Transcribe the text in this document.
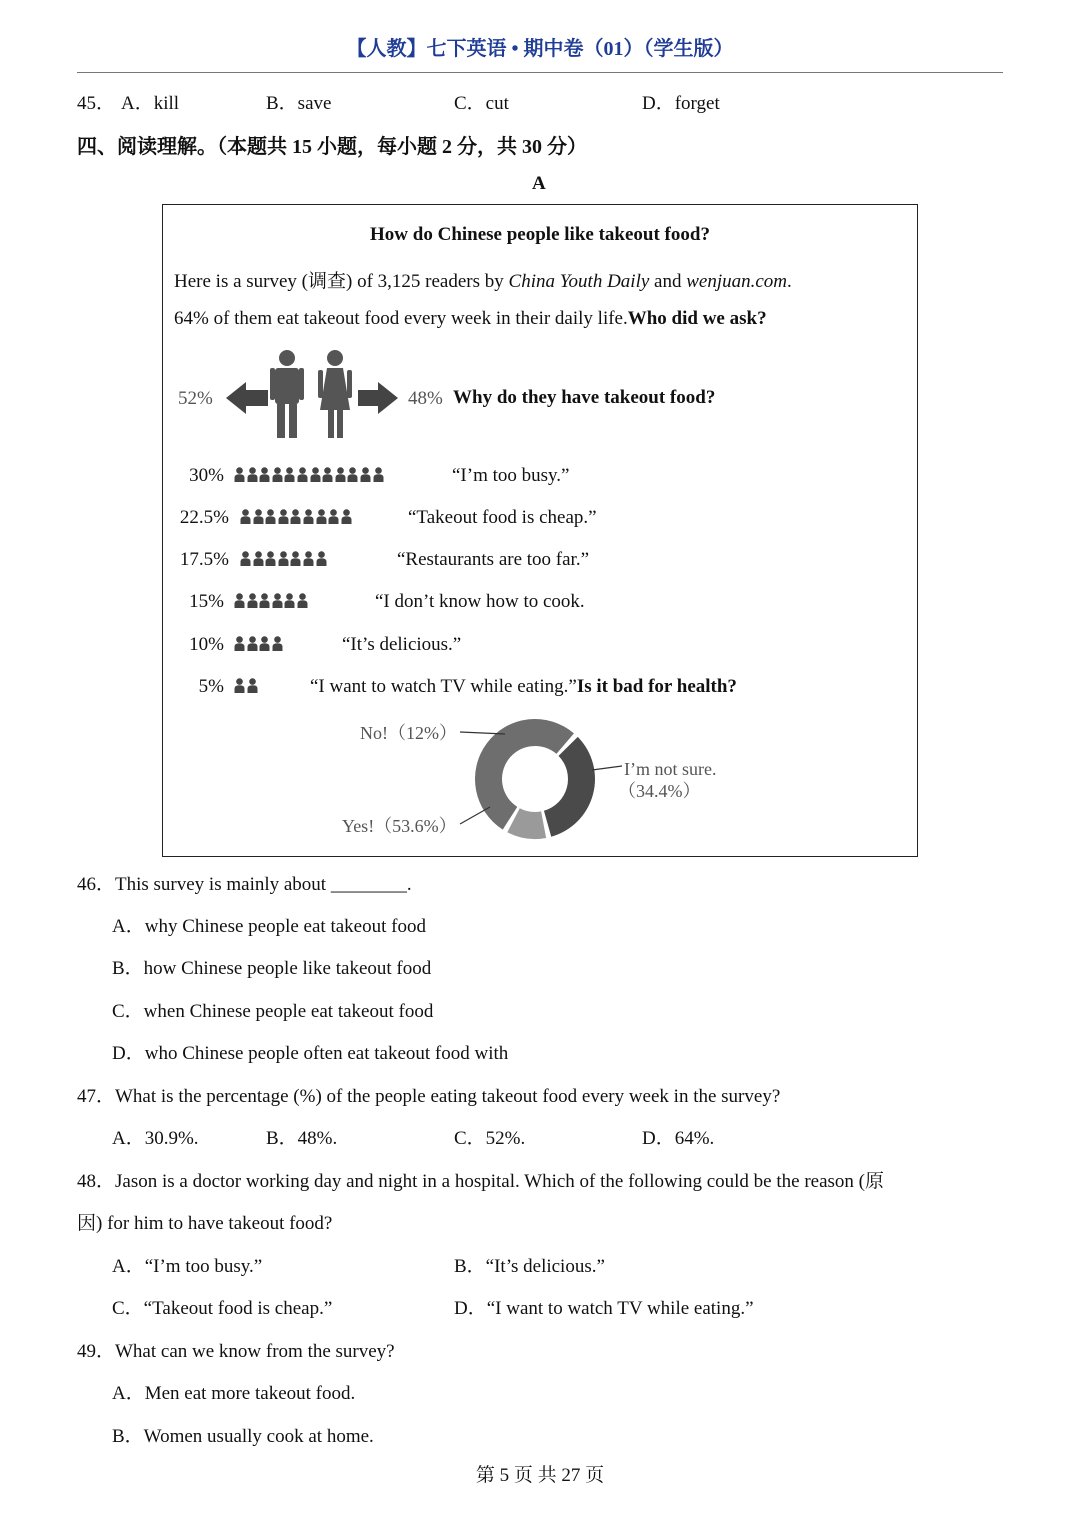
【人教】七下英语 • 期中卷（01）（学生版）
45． A．kill	B．save	C．cut	D．forget
四、阅读理解。（本题共 15 小题，每小题 2 分，共 30 分）
A
How do Chinese people like takeout food?
Here is a survey (调查) of 3,125 readers by China Youth Daily and wenjuan.com.
64% of them eat takeout food every week in their daily life.Who did we ask?
52%	48% Why do they have takeout food?
30%	“I’m too busy.”
22.5%	“Takeout food is cheap.”
17.5%	“Restaurants are too far.”
15%	“I don’t know how to cook.
10%	“It’s delicious.”
5%	“I want to watch TV while eating.”Is it bad for health?
No!（12%）
I’m not sure.
（34.4%）
Yes!（53.6%）
46．This survey is mainly about ________.
A．why Chinese people eat takeout food
B．how Chinese people like takeout food
C．when Chinese people eat takeout food
D．who Chinese people often eat takeout food with
47．What is the percentage (%) of the people eating takeout food every week in the survey?
A．30.9%.	B．48%.	C．52%.	D．64%.
48．Jason is a doctor working day and night in a hospital. Which of the following could be the reason (原
因) for him to have takeout food?
A．“I’m too busy.”	B．“It’s delicious.”
C．“Takeout food is cheap.”	D．“I want to watch TV while eating.”
49．What can we know from the survey?
A．Men eat more takeout food.
B．Women usually cook at home.
第 5 页 共 27 页
